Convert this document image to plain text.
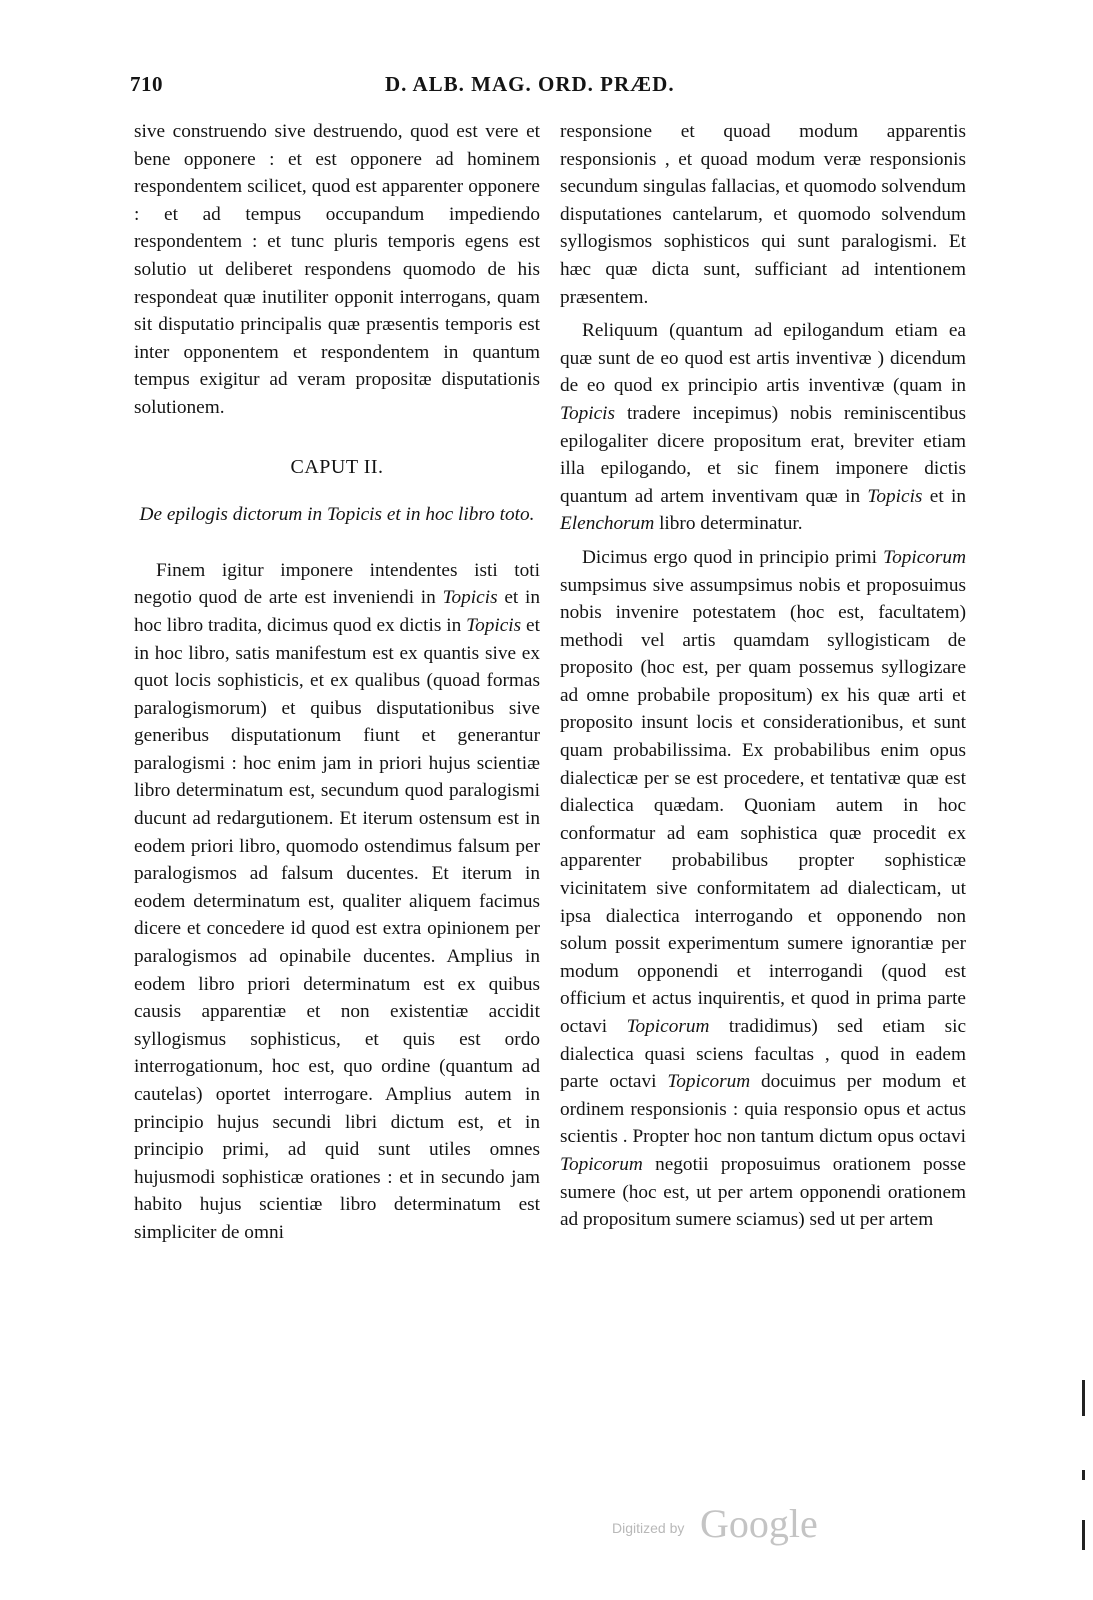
710	D. ALB. MAG. ORD. PRÆD.

sive construendo sive destruendo, quod est vere et bene opponere : et est opponere ad hominem respondentem scilicet, quod est apparenter opponere : et ad tempus occupandum impediendo respondentem : et tunc pluris temporis egens est solutio ut deliberet respondens quomodo de his respondeat quæ inutiliter opponit interrogans, quam sit disputatio principalis quæ præsentis temporis est inter opponentem et respondentem in quantum tempus exigitur ad veram propositæ disputationis solutionem.

CAPUT II.
De epilogis dictorum in Topicis et in hoc libro toto.

Finem igitur imponere intendentes isti toti negotio quod de arte est inveniendi in Topicis et in hoc libro tradita, dicimus quod ex dictis in Topicis et in hoc libro, satis manifestum est ex quantis sive ex quot locis sophisticis, et ex qualibus (quoad formas paralogismorum) et quibus disputationibus sive generibus disputationum fiunt et generantur paralogismi : hoc enim jam in priori hujus scientiæ libro determinatum est, secundum quod paralogismi ducunt ad redargutionem. Et iterum ostensum est in eodem priori libro, quomodo ostendimus falsum per paralogismos ad falsum ducentes. Et iterum in eodem determinatum est, qualiter aliquem facimus dicere et concedere id quod est extra opinionem per paralogismos ad opinabile ducentes. Amplius in eodem libro priori determinatum est ex quibus causis apparentiæ et non existentiæ accidit syllogismus sophisticus, et quis est ordo interrogationum, hoc est, quo ordine (quantum ad cautelas) oportet interrogare. Amplius autem in principio hujus secundi libri dictum est, et in principio primi, ad quid sunt utiles omnes hujusmodi sophisticæ orationes : et in secundo jam habito hujus scientiæ libro determinatum est simpliciter de omni

responsione et quoad modum apparentis responsionis , et quoad modum veræ responsionis secundum singulas fallacias, et quomodo solvendum disputationes cantelarum, et quomodo solvendum syllogismos sophisticos qui sunt paralogismi. Et hæc quæ dicta sunt, sufficiant ad intentionem præsentem.

Reliquum (quantum ad epilogandum etiam ea quæ sunt de eo quod est artis inventivæ ) dicendum de eo quod ex principio artis inventivæ (quam in Topicis tradere incepimus) nobis reminiscentibus epilogaliter dicere propositum erat, breviter etiam illa epilogando, et sic finem imponere dictis quantum ad artem inventivam quæ in Topicis et in Elenchorum libro determinatur.

Dicimus ergo quod in principio primi Topicorum sumpsimus sive assumpsimus nobis et proposuimus nobis invenire potestatem (hoc est, facultatem) methodi vel artis quamdam syllogisticam de proposito (hoc est, per quam possemus syllogizare ad omne probabile propositum) ex his quæ arti et proposito insunt locis et considerationibus, et sunt quam probabilissima. Ex probabilibus enim opus dialecticæ per se est procedere, et tentativæ quæ est dialectica quædam. Quoniam autem in hoc conformatur ad eam sophistica quæ procedit ex apparenter probabilibus propter sophisticæ vicinitatem sive conformitatem ad dialecticam, ut ipsa dialectica interrogando et opponendo non solum possit experimentum sumere ignorantiæ per modum opponendi et interrogandi (quod est officium et actus inquirentis, et quod in prima parte octavi Topicorum tradidimus) sed etiam sic dialectica quasi sciens facultas , quod in eadem parte octavi Topicorum docuimus per modum et ordinem responsionis : quia responsio opus et actus scientis . Propter hoc non tantum dictum opus octavi Topicorum negotii proposuimus orationem posse sumere (hoc est, ut per artem opponendi orationem ad propositum sumere sciamus) sed ut per artem

Digitized by Google
